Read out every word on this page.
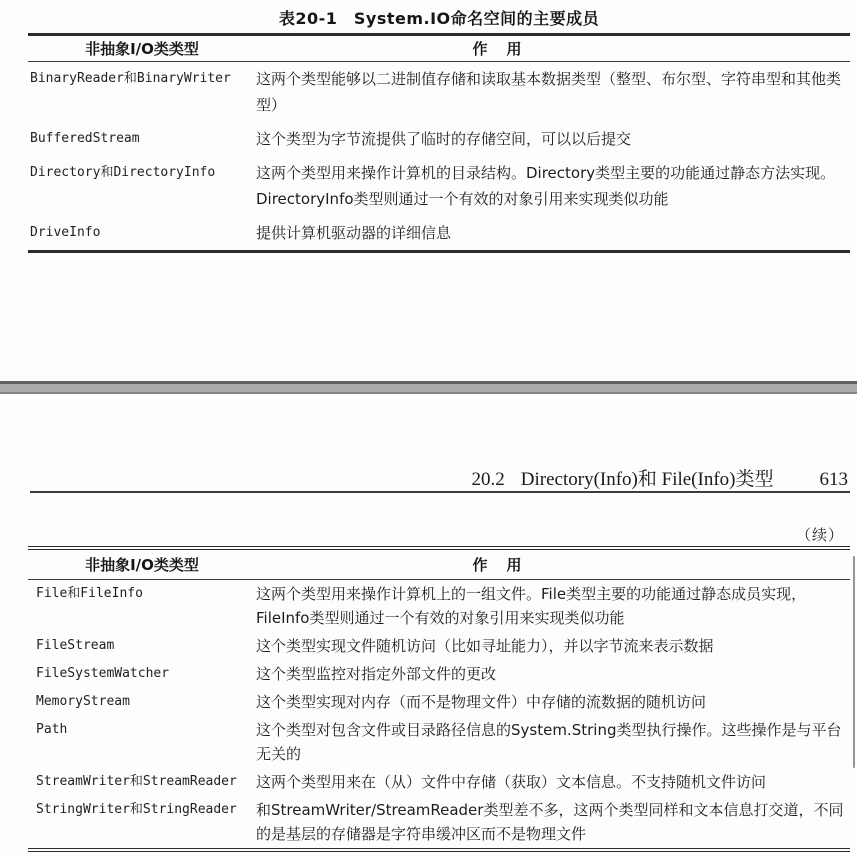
表20-1　System.IO命名空间的主要成员
非抽象I/O类类型	作　用
BinaryReader和BinaryWriter	这两个类型能够以二进制值存储和读取基本数据类型（整型、布尔型、字符串型和其他类型）
BufferedStream	这个类型为字节流提供了临时的存储空间，可以以后提交
Directory和DirectoryInfo	这两个类型用来操作计算机的目录结构。Directory类型主要的功能通过静态方法实现。DirectoryInfo类型则通过一个有效的对象引用来实现类似功能
DriveInfo	提供计算机驱动器的详细信息
20.2 Directory(Info)和 File(Info)类型 613
（续）
非抽象I/O类类型	作　用
File和FileInfo	这两个类型用来操作计算机上的一组文件。File类型主要的功能通过静态成员实现，FileInfo类型则通过一个有效的对象引用来实现类似功能
FileStream	这个类型实现文件随机访问（比如寻址能力），并以字节流来表示数据
FileSystemWatcher	这个类型监控对指定外部文件的更改
MemoryStream	这个类型实现对内存（而不是物理文件）中存储的流数据的随机访问
Path	这个类型对包含文件或目录路径信息的System.String类型执行操作。这些操作是与平台无关的
StreamWriter和StreamReader	这两个类型用来在（从）文件中存储（获取）文本信息。不支持随机文件访问
StringWriter和StringReader	和StreamWriter/StreamReader类型差不多，这两个类型同样和文本信息打交道，不同的是基层的存储器是字符串缓冲区而不是物理文件
